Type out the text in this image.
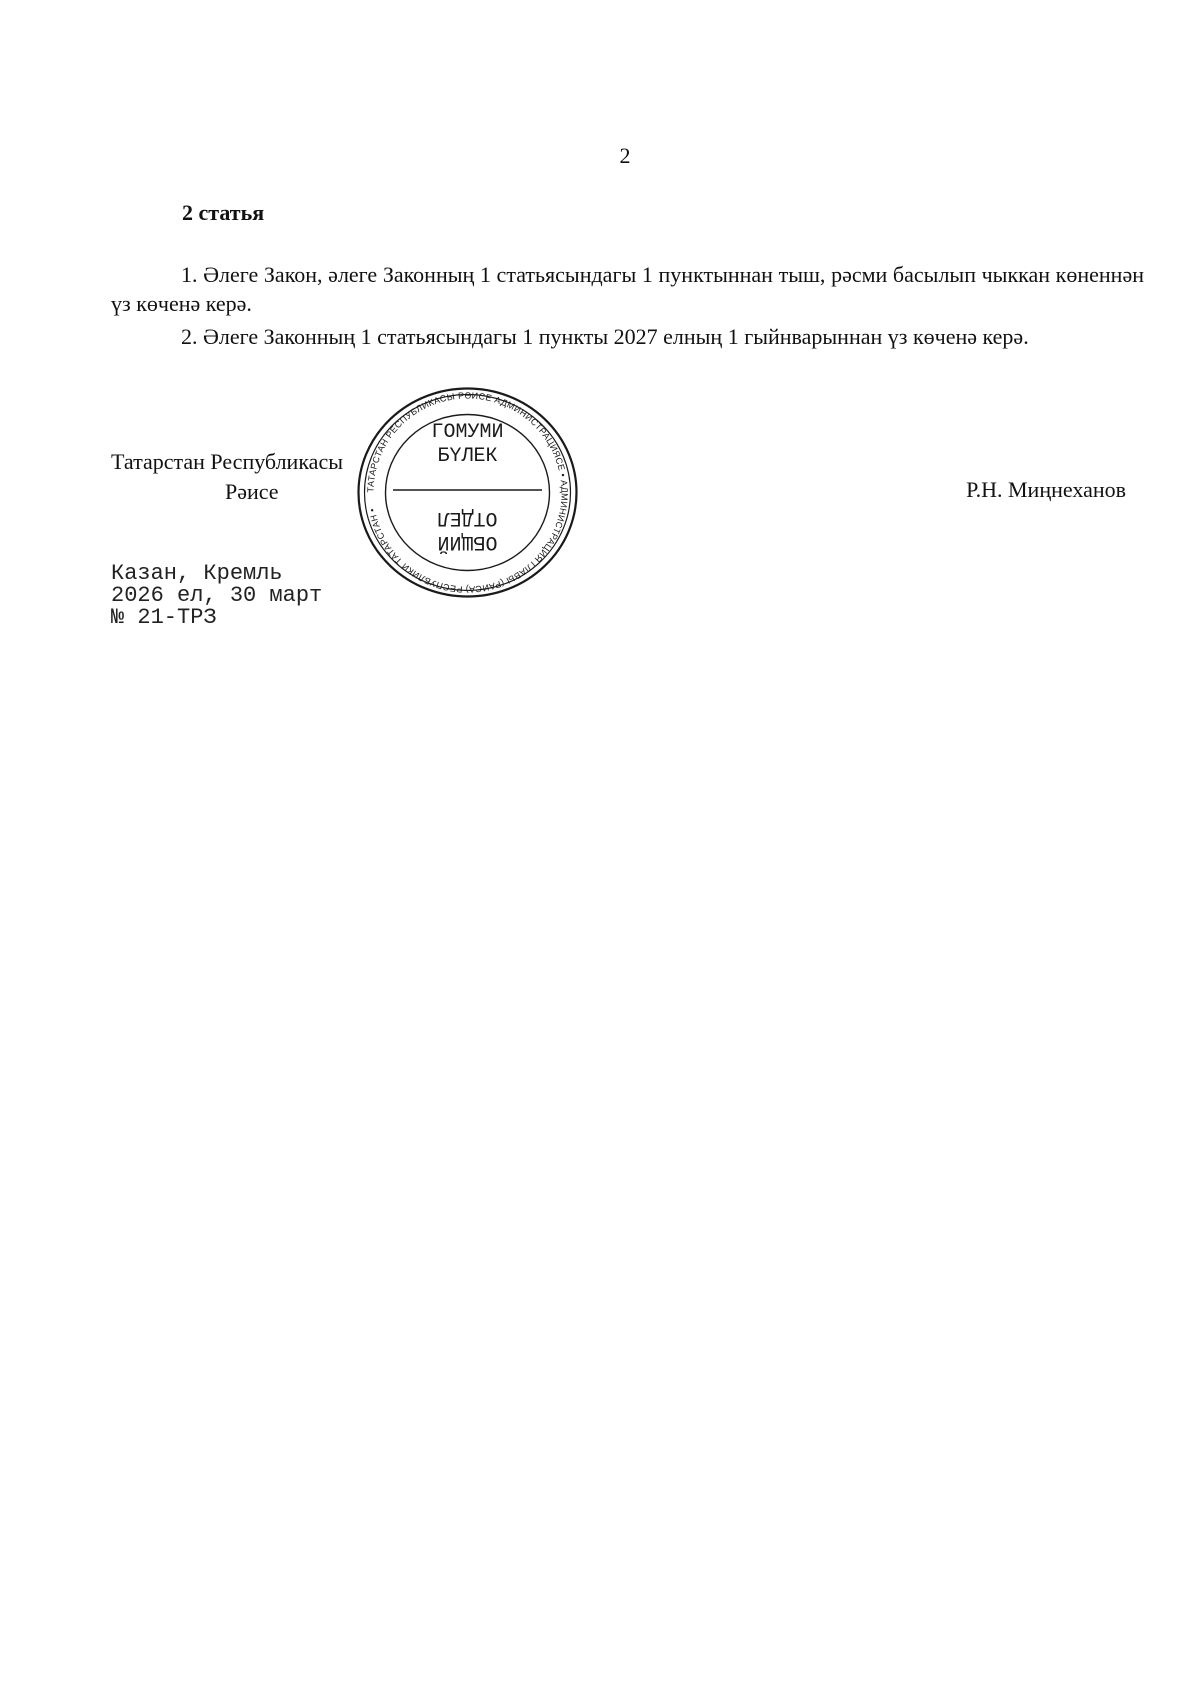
2
2 статья

1. Әлеге Закон, әлеге Законның 1 статьясындагы 1 пунктыннан тыш, рәсми басылып чыккан көненнән үз көченә керә.

2. Әлеге Законның 1 статьясындагы 1 пункты 2027 елның 1 гыйнварыннан үз көченә керә.

Татарстан Республикасы
Рәисе	ТАТАРСТАН РЕСПУБЛИКАСЫ РӘИСЕ АДМИНИСТРАЦИЯСЕ • АДМИНИСТРАЦИЯ ГЛАВЫ (РАИСА) РЕСПУБЛИКИ ТАТАРСТАН •
ГОМУМИ
БҮЛЕК
ОБЩИЙ
ОТДЕЛ
Р.Н. Миңнеханов
Казан, Кремль
2026 ел, 30 март
№ 21-ТРЗ
